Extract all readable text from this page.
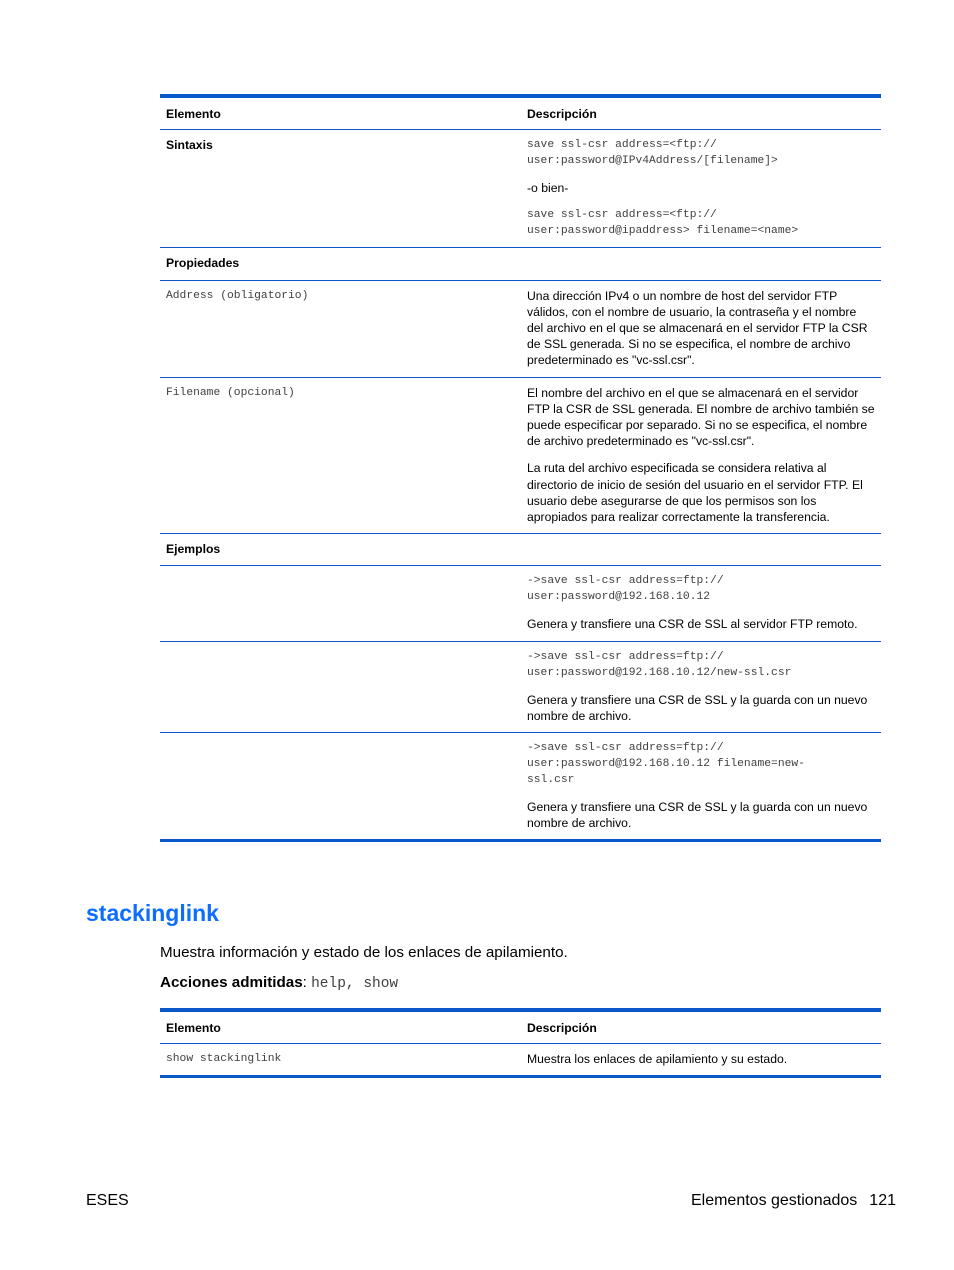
Elemento	Descripción
Sintaxis	save ssl-csr address=<ftp://
user:password@IPv4Address/[filename]>

-o bien-

save ssl-csr address=<ftp://
user:password@ipaddress> filename=<name>

Propiedades	
Address (obligatorio)	Una dirección IPv4 o un nombre de host del servidor FTP válidos, con el nombre de usuario, la contraseña y el nombre del archivo en el que se almacenará en el servidor FTP la CSR de SSL generada. Si no se especifica, el nombre de archivo predeterminado es "vc-ssl.csr".
Filename (opcional)	El nombre del archivo en el que se almacenará en el servidor FTP la CSR de SSL generada. El nombre de archivo también se puede especificar por separado. Si no se especifica, el nombre de archivo predeterminado es "vc-ssl.csr".

La ruta del archivo especificada se considera relativa al directorio de inicio de sesión del usuario en el servidor FTP. El usuario debe asegurarse de que los permisos son los apropiados para realizar correctamente la transferencia.

Ejemplos	

	->save ssl-csr address=ftp://
user:password@192.168.10.12

Genera y transfiere una CSR de SSL al servidor FTP remoto.

	->save ssl-csr address=ftp://
user:password@192.168.10.12/new-ssl.csr

Genera y transfiere una CSR de SSL y la guarda con un nuevo nombre de archivo.

	->save ssl-csr address=ftp://
user:password@192.168.10.12 filename=new-
ssl.csr

Genera y transfiere una CSR de SSL y la guarda con un nuevo nombre de archivo.

stackinglink

Muestra información y estado de los enlaces de apilamiento.

Acciones admitidas: help, show

Elemento	Descripción
show stackinglink	Muestra los enlaces de apilamiento y su estado.
ESES	Elementos gestionados 121
